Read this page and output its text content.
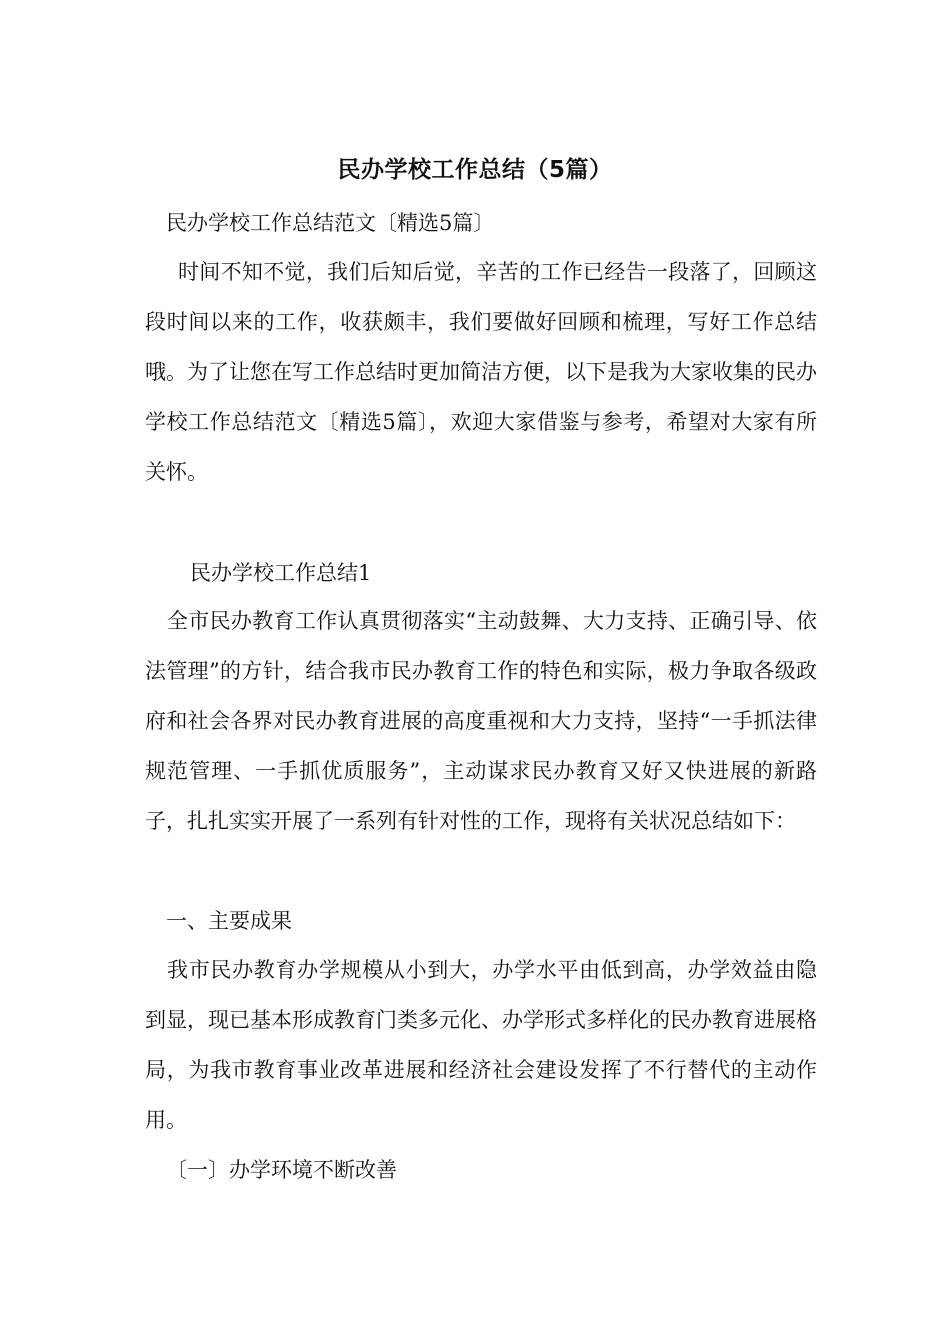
民办学校工作总结（5篇）
民办学校工作总结范文〔精选5篇〕
时间不知不觉，我们后知后觉，辛苦的工作已经告一段落了，回顾这段时间以来的工作，收获颇丰，我们要做好回顾和梳理，写好工作总结哦。为了让您在写工作总结时更加简洁方便，以下是我为大家收集的民办学校工作总结范文〔精选5篇〕，欢迎大家借鉴与参考，希望对大家有所关怀。
民办学校工作总结1
全市民办教育工作认真贯彻落实“主动鼓舞、大力支持、正确引导、依法管理”的方针，结合我市民办教育工作的特色和实际，极力争取各级政府和社会各界对民办教育进展的高度重视和大力支持，坚持“一手抓法律规范管理、一手抓优质服务”，主动谋求民办教育又好又快进展的新路子，扎扎实实开展了一系列有针对性的工作，现将有关状况总结如下：
一、主要成果
我市民办教育办学规模从小到大，办学水平由低到高，办学效益由隐到显，现已基本形成教育门类多元化、办学形式多样化的民办教育进展格局，为我市教育事业改革进展和经济社会建设发挥了不行替代的主动作用。
〔一〕办学环境不断改善
